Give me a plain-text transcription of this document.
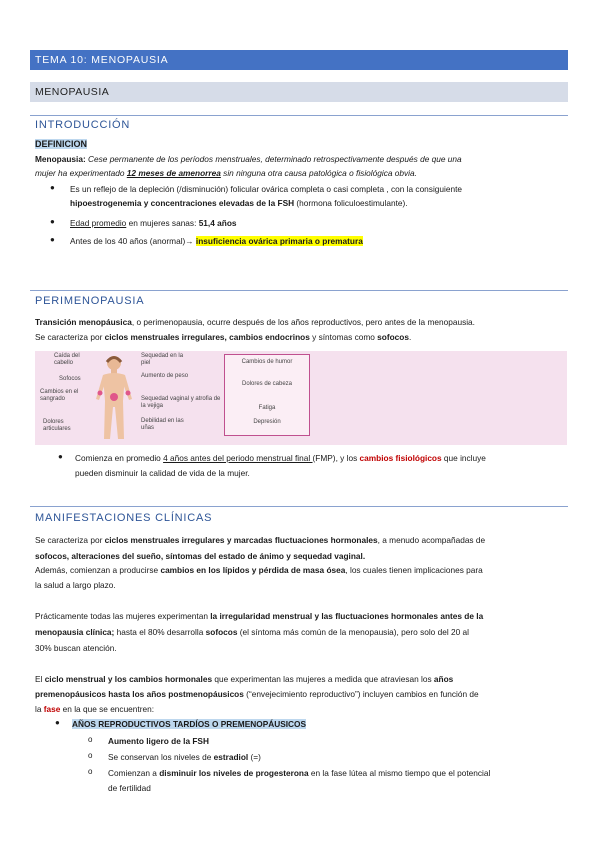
TEMA 10: MENOPAUSIA
MENOPAUSIA
INTRODUCCIÓN
DEFINICION
Menopausia: Cese permanente de los períodos menstruales, determinado retrospectivamente después de que una
mujer ha experimentado 12 meses de amenorrea sin ninguna otra causa patológica o fisiológica obvia.
● Es un reflejo de la depleción (/disminución) folicular ovárica completa o casi completa , con la consiguiente
hipoestrogenemia y concentraciones elevadas de la FSH (hormona foliculoestimulante).
● Edad promedio en mujeres sanas: 51,4 años
● Antes de los 40 años (anormal)→ insuficiencia ovárica primaria o prematura
PERIMENOPAUSIA
Transición menopáusica, o perimenopausia, ocurre después de los años reproductivos, pero antes de la menopausia.
Se caracteriza por ciclos menstruales irregulares, cambios endocrinos y síntomas como sofocos.
Caída del cabello
Sofocos
Cambios en el sangrado
Dolores articulares
Sequedad en la piel
Aumento de peso
Sequedad vaginal y atrofia de la vejiga
Debilidad en las uñas
Cambios de humor
Dolores de cabeza
Fatiga
Depresión
● Comienza en promedio 4 años antes del periodo menstrual final (FMP), y los cambios fisiológicos que incluye
pueden disminuir la calidad de vida de la mujer.
MANIFESTACIONES CLÍNICAS
Se caracteriza por ciclos menstruales irregulares y marcadas fluctuaciones hormonales, a menudo acompañadas de
sofocos, alteraciones del sueño, síntomas del estado de ánimo y sequedad vaginal.
Además, comienzan a producirse cambios en los lípidos y pérdida de masa ósea, los cuales tienen implicaciones para
la salud a largo plazo.
Prácticamente todas las mujeres experimentan la irregularidad menstrual y las fluctuaciones hormonales antes de la
menopausia clínica; hasta el 80% desarrolla sofocos (el síntoma más común de la menopausia), pero solo del 20 al
30% buscan atención.
El ciclo menstrual y los cambios hormonales que experimentan las mujeres a medida que atraviesan los años
premenopáusicos hasta los años postmenopáusicos (“envejecimiento reproductivo”) incluyen cambios en función de
la fase en la que se encuentren:
● AÑOS REPRODUCTIVOS TARDÍOS O PREMENOPÁUSICOS
o Aumento ligero de la FSH
o Se conservan los niveles de estradiol (=)
o Comienzan a disminuir los niveles de progesterona en la fase lútea al mismo tiempo que el potencial
de fertilidad
